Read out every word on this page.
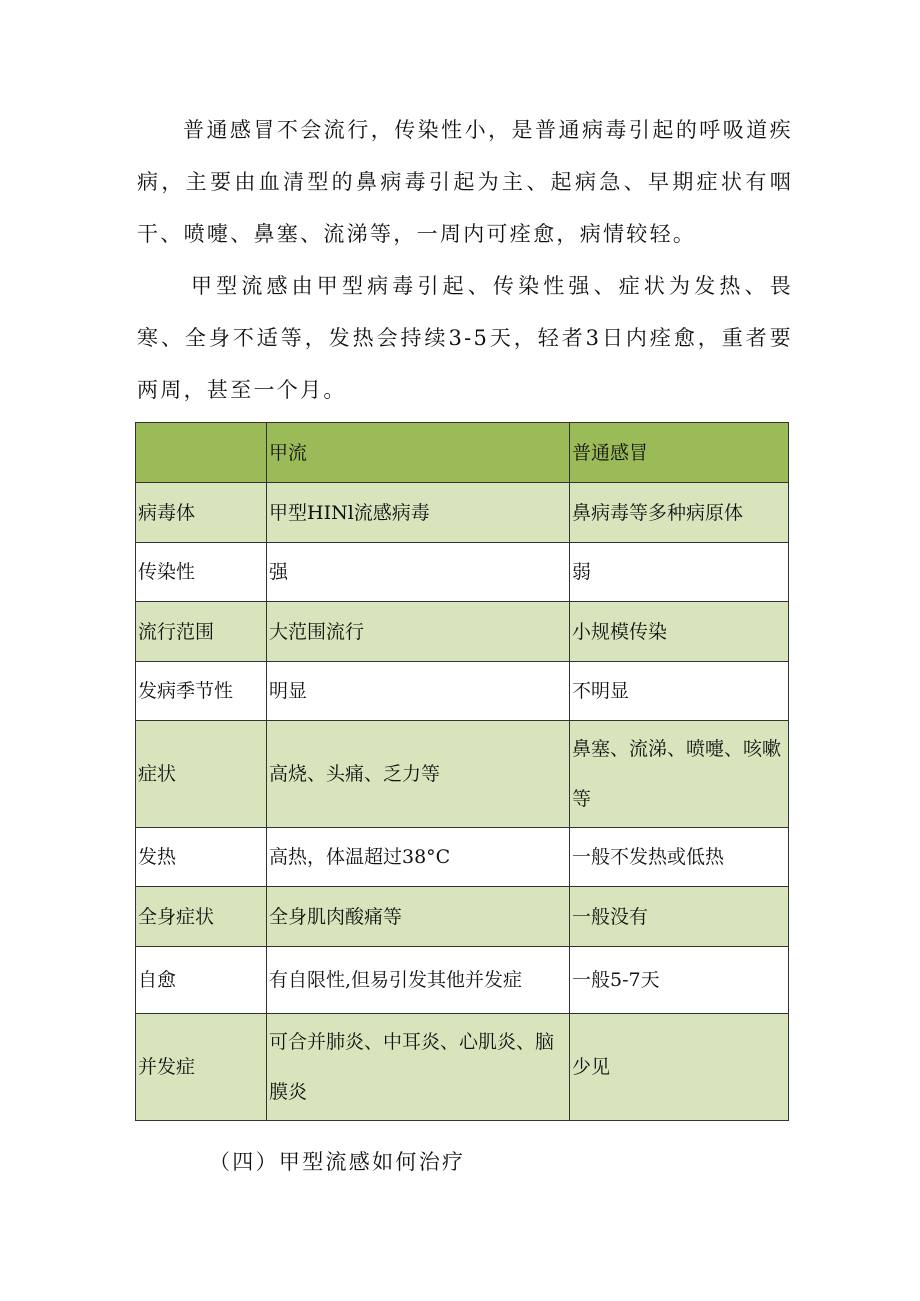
普通感冒不会流行，传染性小，是普通病毒引起的呼吸道疾病，主要由血清型的鼻病毒引起为主、起病急、早期症状有咽干、喷嚏、鼻塞、流涕等，一周内可痊愈，病情较轻。

甲型流感由甲型病毒引起、传染性强、症状为发热、畏寒、全身不适等，发热会持续3-5天，轻者3日内痊愈，重者要两周，甚至一个月。

	甲流	普通感冒
病毒体	甲型HINl流感病毒	鼻病毒等多种病原体
传染性	强	弱
流行范围	大范围流行	小规模传染
发病季节性	明显	不明显
症状	高烧、头痛、乏力等	鼻塞、流涕、喷嚏、咳嗽等
发热	高热，体温超过38°C	一般不发热或低热
全身症状	全身肌肉酸痛等	一般没有
自愈	有自限性,但易引发其他并发症	一般5-7天
并发症	可合并肺炎、中耳炎、心肌炎、脑膜炎	少见

（四）甲型流感如何治疗
